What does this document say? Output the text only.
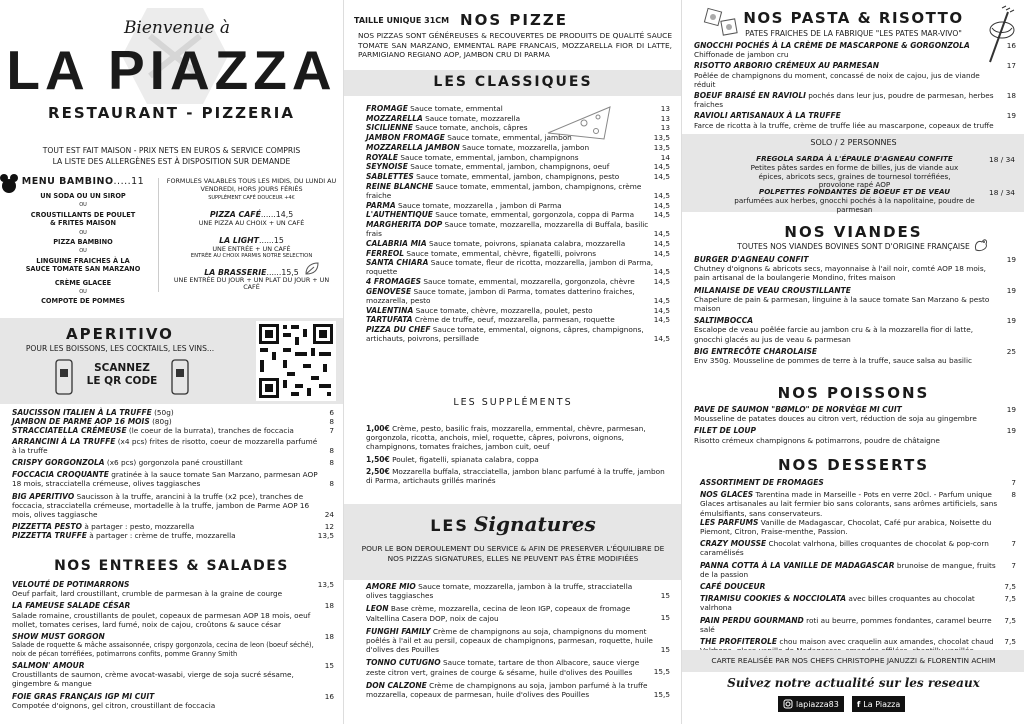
Bienvenue à
LA PIAZZA
RESTAURANT - PIZZERIA
TOUT EST FAIT MAISON - PRIX NETS EN EUROS & SERVICE COMPRIS
LA LISTE DES ALLERGÈNES EST À DISPOSITION SUR DEMANDE
MENU BAMBINO.....11
UN SODA OU UN SIROP
OU
CROUSTILLANTS DE POULET & FRITES MAISON
OU
PIZZA BAMBINO
OU
LINGUINE FRAICHES À LA SAUCE TOMATE SAN MARZANO
CRÈME GLACEE
OU
COMPOTE DE POMMES
FORMULES VALABLES TOUS LES MIDIS, DU LUNDI AU VENDREDI, HORS JOURS FÉRIÉS
SUPPLÉMENT CAFÉ DOUCEUR +4€
PIZZA CAFÉ......14,5
UNE PIZZA AU CHOIX + UN CAFÉ
LA LIGHT......15
UNE ENTRÉE + UN CAFÉ
ENTRÉE AU CHOIX PARMIS NOTRE SELECTION
LA BRASSERIE......15,5
UNE ENTRÉE DU JOUR + UN PLAT DU JOUR + UN CAFÉ
APERITIVO
POUR LES BOISSONS, LES COCKTAILS, LES VINS...
SCANNEZ
LE QR CODE
SAUCISSON ITALIEN À LA TRUFFE (50g)	6
JAMBON DE PARME AOP 16 MOIS (80g)	8
STRACCIATELLA CRÉMEUSE (le coeur de la burrata), tranches de foccacia	7
ARRANCINI À LA TRUFFE (x4 pcs) frites de risotto, coeur de mozzarella parfumé à la truffe	8
CRISPY GORGONZOLA (x6 pcs) gorgonzola pané croustillant	8
FOCCACIA CROQUANTE gratinée à la sauce tomate San Marzano, parmesan AOP 18 mois, stracciatella crémeuse, olives taggiasches	8
BIG APERITIVO Saucisson à la truffe, arancini à la truffe (x2 pce), tranches de foccacia, stracciatella crémeuse, mortadelle à la truffe, jambon de Parme AOP 16 mois, olives taggiasche	24
PIZZETTA PESTO à partager : pesto, mozzarella	12
PIZZETTA TRUFFE à partager : crème de truffe, mozzarella	13,5
NOS ENTREES & SALADES
VELOUTÉ DE POTIMARRONS
Oeuf parfait, lard croustillant, crumble de parmesan à la graine de courge
13,5
LA FAMEUSE SALADE CÉSAR
Salade romaine, croustillants de poulet, copeaux de parmesan AOP 18 mois, oeuf mollet, tomates cerises, lard fumé, noix de cajou, croûtons & sauce césar
18
SHOW MUST GORGON
Salade de roquette & mâche assaisonnée, crispy gorgonzola, cecina de leon (boeuf séché), noix de pécan torréfiées, potimarrons confits, pomme Granny Smith
18
SALMON' AMOUR
Croustillants de saumon, crème avocat-wasabi, vierge de soja sucré sésame, gingembre & mangue
15
FOIE GRAS FRANÇAIS IGP MI CUIT
Compotée d'oignons, gel citron, croustillant de foccacia
16
TAILLE UNIQUE 31CM NOS PIZZE
NOS PIZZAS SONT GÉNÉREUSES & RECOUVERTES DE PRODUITS DE QUALITÉ SAUCE TOMATE SAN MARZANO, EMMENTAL RAPE FRANCAIS, MOZZARELLA FIOR DI LATTE, PARMIGIANO REGIANO AOP, JAMBON CRU DI PARMA
LES CLASSIQUES
FROMAGE Sauce tomate, emmental	13
MOZZARELLA Sauce tomate, mozzarella	13
SICILIENNE Sauce tomate, anchois, câpres	13
JAMBON FROMAGE Sauce tomate, emmental, jambon	13,5
MOZZARELLA JAMBON Sauce tomate, mozzarella, jambon	13,5
ROYALE Sauce tomate, emmental, jambon, champignons	14
SEYNOISE Sauce tomate, emmental, jambon, champignons, oeuf	14,5
SABLETTES Sauce tomate, emmental, jambon, champignons, pesto	14,5
REINE BLANCHE Sauce tomate, emmental, jambon, champignons, crème fraiche	14,5
PARMA Sauce tomate, mozzarella , jambon di Parma	14,5
L'AUTHENTIQUE Sauce tomate, emmental, gorgonzola, coppa di Parma	14,5
MARGHERITA DOP Sauce tomate, mozzarella, mozzarella di Buffala, basilic frais	14,5
CALABRIA MIA Sauce tomate, poivrons, spianata calabra, mozzarella	14,5
FERREOL Sauce tomate, emmental, chèvre, figatelli, poivrons	14,5
SANTA CHIARA Sauce tomate, fleur de ricotta, mozzarella, jambon di Parma, roquette	14,5
4 FROMAGES Sauce tomate, emmental, mozzarella, gorgonzola, chèvre	14,5
GENOVESE Sauce tomate, jambon di Parma, tomates datterino fraiches, mozzarella, pesto	14,5
VALENTINA Sauce tomate, chèvre, mozzarella, poulet, pesto	14,5
TARTUFATA Crème de truffe, oeuf, mozzarella, parmesan, roquette	14,5
PIZZA DU CHEF Sauce tomate, emmental, oignons, câpres, champignons, artichauts, poivrons, persillade	14,5
LES SUPPLÉMENTS
1,00€ Crème, pesto, basilic frais, mozzarella, emmental, chèvre, parmesan, gorgonzola, ricotta, anchois, miel, roquette, câpres, poivrons, oignons, champignons, tomates fraiches, jambon cuit, oeuf
1,50€ Poulet, figatelli, spianata calabra, coppa
2,50€ Mozzarella buffala, stracciatella, jambon blanc parfumé à la truffe, jambon di Parma, artichauts grillés marinés
LES Signatures
POUR LE BON DEROULEMENT DU SERVICE & AFIN DE PRESERVER L'ÉQUILIBRE DE NOS PIZZAS SIGNATURES, ELLES NE PEUVENT PAS ÊTRE MODIFIÉES
AMORE MIO Sauce tomate, mozzarella, jambon à la truffe, stracciatella olives taggiasches	15
LEON Base crème, mozzarella, cecina de leon IGP, copeaux de fromage Valtellina Casera DOP, noix de cajou	15
FUNGHI FAMILY Crème de champignons au soja, champignons du moment poêlés à l'ail et au persil, copeaux de champignons, parmesan, roquette, huile d'olives des Pouilles	15
TONNO CUTUGNO Sauce tomate, tartare de thon Albacore, sauce vierge zeste citron vert, graines de courge & sésame, huile d'olives des Pouilles	15,5
DON CALZONE Crème de champignons au soja, jambon parfumé à la truffe mozzarella, copeaux de parmesan, huile d'olives des Pouilles	15,5
NOS PASTA & RISOTTO
PATES FRAICHES DE LA FABRIQUE "LES PATES MAR-VIVO"
GNOCCHI POCHÉS À LA CRÈME DE MASCARPONE & GORGONZOLA
Chiffonade de jambon cru
16
RISOTTO ARBORIO CRÉMEUX AU PARMESAN
Poêlée de champignons du moment, concassé de noix de cajou, jus de viande réduit
17
BOEUF BRAISÉ EN RAVIOLI pochés dans leur jus, poudre de parmesan, herbes fraiches
18
RAVIOLI ARTISANAUX À LA TRUFFE
Farce de ricotta à la truffe, crème de truffe liée au mascarpone, copeaux de truffe
19
SOLO / 2 PERSONNES
FREGOLA SARDA À L'ÉPAULE D'AGNEAU CONFITE
Petites pâtes sardes en forme de billes, jus de viande aux épices, abricots secs, graines de tournesol torréfiées, provolone rapé AOP
18 / 34
POLPETTES FONDANTES DE BOEUF ET DE VEAU
parfumées aux herbes, gnocchi pochés à la napolitaine, poudre de parmesan
18 / 34
NOS VIANDES
TOUTES NOS VIANDES BOVINES SONT D'ORIGINE FRANÇAISE
BURGER D'AGNEAU CONFIT
Chutney d'oignons & abricots secs, mayonnaise à l'ail noir, comté AOP 18 mois, pain artisanal de la boulangerie Mondino, frites maison
19
MILANAISE DE VEAU CROUSTILLANTE
Chapelure de pain & parmesan, linguine à la sauce tomate San Marzano & pesto maison
19
SALTIMBOCCA
Escalope de veau poêlée farcie au jambon cru & à la mozzarella fior di latte, gnocchi glacés au jus de veau & parmesan
19
BIG ENTRECÔTE CHAROLAISE
Env 350g. Mousseline de pommes de terre à la truffe, sauce salsa au basilic
25
NOS POISSONS
PAVE DE SAUMON "BØMLO" DE NORVÈGE MI CUIT
Mousseline de patates douces au citron vert, réduction de soja au gingembre
19
FILET DE LOUP
Risotto crémeux champignons & potimarrons, poudre de châtaigne
19
NOS DESSERTS
ASSORTIMENT DE FROMAGES	7
NOS GLACES Tarentina made in Marseille - Pots en verre 20cl. - Parfum unique	8
Glaces artisanales au lait fermier bio sans colorants, sans arômes artificiels, sans émulsifiants, sans conservateurs.
LES PARFUMS Vanille de Madagascar, Chocolat, Café pur arabica, Noisette du Piemont, Citron, Fraise-menthe, Passion.
CRAZY MOUSSE Chocolat valrhona, billes croquantes de chocolat & pop-corn caramélisés
7
PANNA COTTA À LA VANILLE DE MADAGASCAR brunoise de mangue, fruits de la passion
7
CAFÉ DOUCEUR	7,5
TIRAMISU COOKIES & NOCCIOLATA avec billes croquantes au chocolat valrhona
7,5
PAIN PERDU GOURMAND roti au beurre, pommes fondantes, caramel beurre salé
7,5
THE PROFITEROLE chou maison avec craquelin aux amandes, chocolat chaud 7,5
CARTE REALISÉE PAR NOS CHEFS CHRISTOPHE JANUZZI & FLORENTIN ACHIM
Suivez notre actualité sur les reseaux
lapiazza83 f La Piazza
